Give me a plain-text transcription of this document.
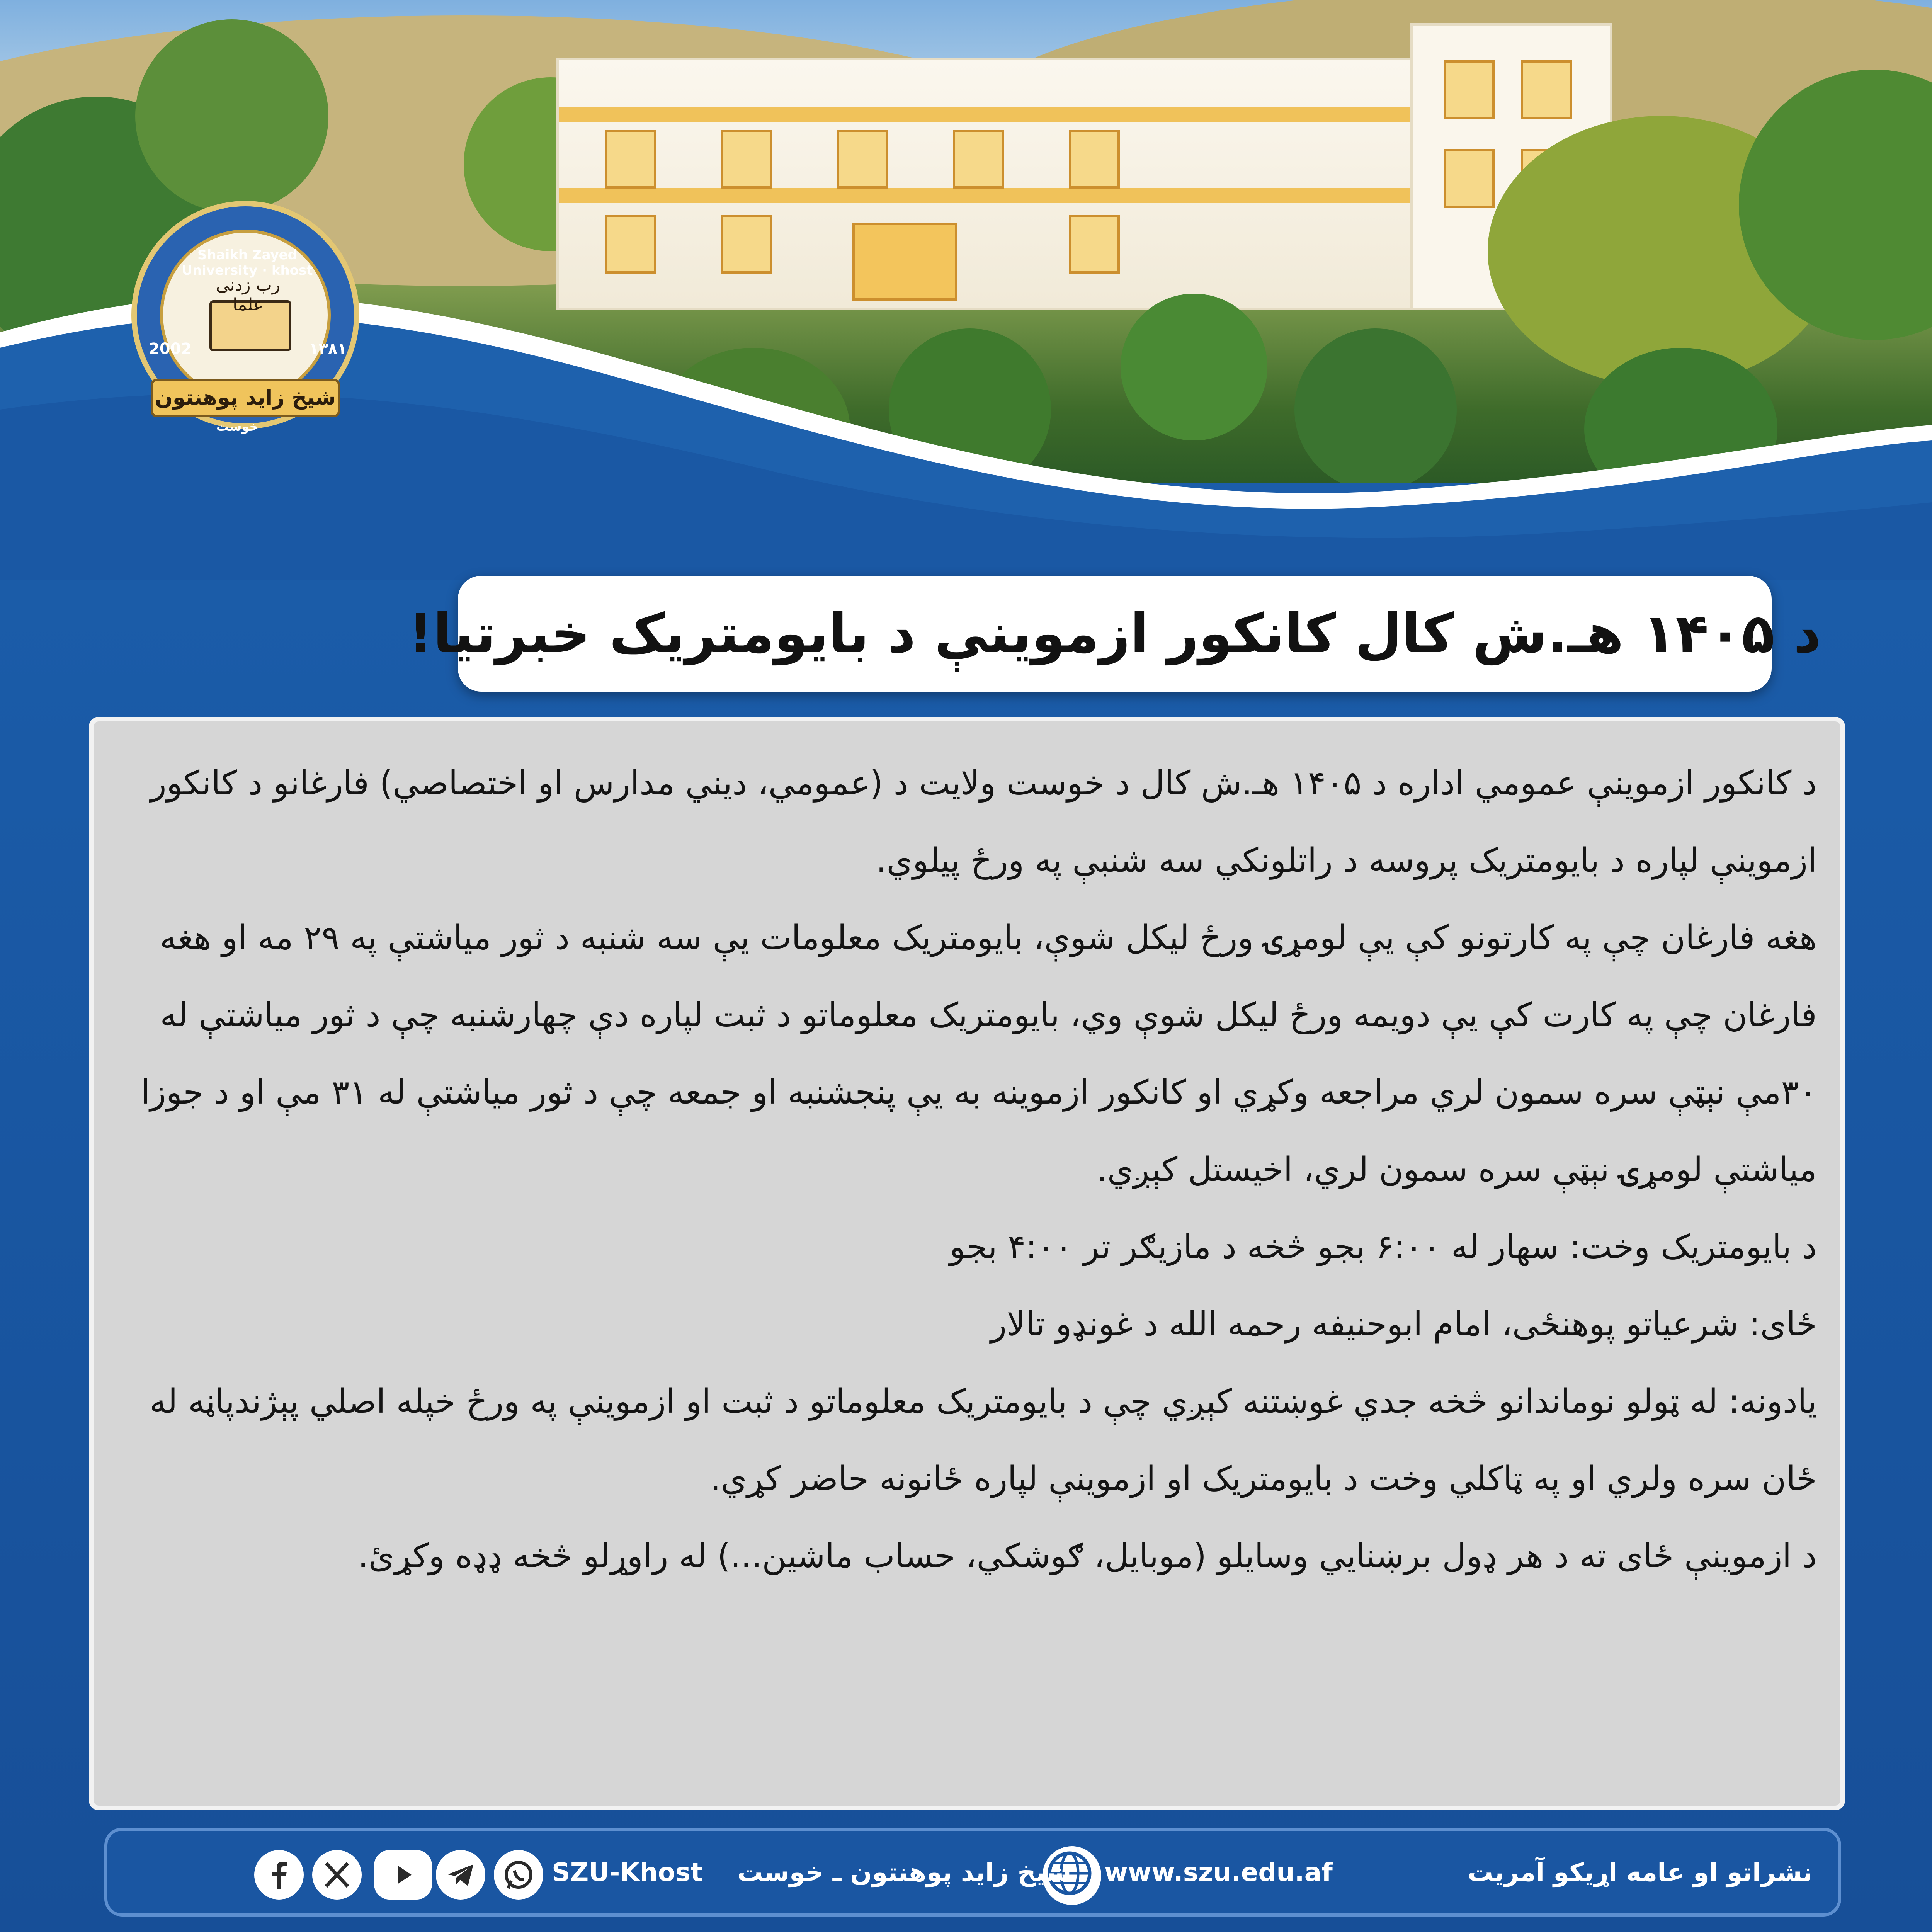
رب زدنی علما
Shaikh Zayed University · khost
2002	۱۳۸۱
شیخ زاید پوهنتون
خوست
د ۱۴۰۵ هـ.ش کال کانکور ازموینې د بایومتریک خبرتیا!

د کانکور ازموینې عمومي اداره د ۱۴۰۵ هـ.ش کال د خوست ولایت د (عمومي، دیني مدارس او اختصاصي) فارغانو د کانکور ازموینې لپاره د بایومتریک پروسه د راتلونکي سه شنبې په ورځ پیلوي.

هغه فارغان چې په کارتونو کې یې لومړۍ ورځ لیکل شوې، بایومتریک معلومات یې سه شنبه د ثور میاشتې په ۲۹ مه او هغه فارغان چې په کارت کې یې دویمه ورځ لیکل شوې وي، بایومتریک معلوماتو د ثبت لپاره دې چهارشنبه چې د ثور میاشتې له ۳۰مې نېټې سره سمون لري مراجعه وکړي او کانکور ازموینه به یې پنجشنبه او جمعه چې د ثور میاشتې له ۳۱ مې او د جوزا میاشتې لومړۍ نېټې سره سمون لري، اخیستل کېږي.

د بایومتریک وخت: سهار له ۶:۰۰ بجو څخه د مازیګر تر ۴:۰۰ بجو

ځای: شرعیاتو پوهنځی، امام ابوحنیفه رحمه الله د غونډو تالار

یادونه: له ټولو نوماندانو څخه جدي غوښتنه کېږي چې د بایومتریک معلوماتو د ثبت او ازموینې په ورځ خپله اصلي پېژندپاڼه له ځان سره ولري او په ټاکلي وخت د بایومتریک او ازموینې لپاره ځانونه حاضر کړي.

د ازموینې ځای ته د هر ډول برښنایي وسایلو (موبایل، ګوشکي، حساب ماشین...) له راوړلو څخه ډډه وکړئ.

نشراتو او عامه اړیکو آمریت
www.szu.edu.af
شیخ زاید پوهنتون ـ خوست
SZU-Khost
